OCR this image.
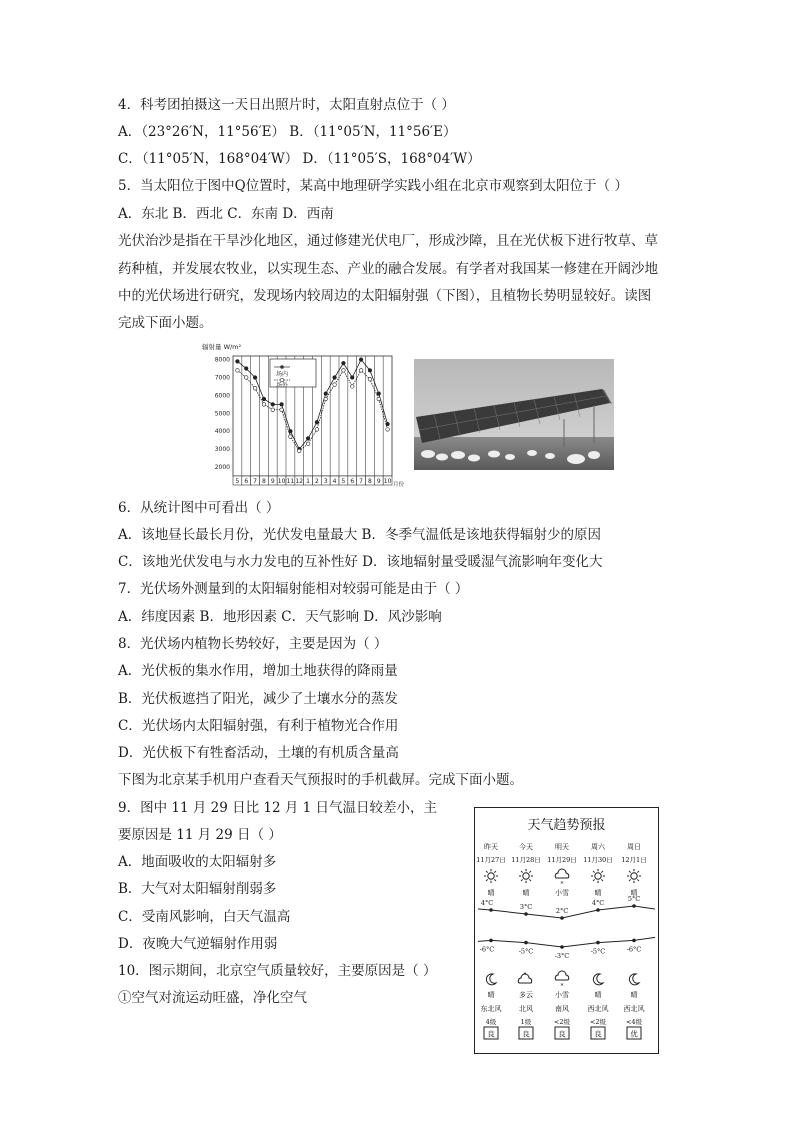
4．科考团拍摄这一天日出照片时，太阳直射点位于（ ）
A．（23°26′N，11°56′E） B．（11°05′N，11°56′E）
C．（11°05′N，168°04′W） D．（11°05′S，168°04′W）
5．当太阳位于图中Q位置时，某高中地理研学实践小组在北京市观察到太阳位于（ ）
A．东北 B．西北 C．东南 D．西南
光伏治沙是指在干旱沙化地区，通过修建光伏电厂，形成沙障，且在光伏板下进行牧草、草
药种植，并发展农牧业，以实现生态、产业的融合发展。有学者对我国某一修建在开阔沙地
中的光伏场进行研究，发现场内较周边的太阳辐射强（下图），且植物长势明显较好。读图
完成下面小题。
辐射量 W/m²
8000
7000
6000
5000
4000
3000
2000
5 6 7 8 9 10 11 12 1 2 3 4 5 6 7 8 9 10
场内
场外
月份
6．从统计图中可看出（ ）
A．该地昼长最长月份，光伏发电量最大 B．冬季气温低是该地获得辐射少的原因
C．该地光伏发电与水力发电的互补性好 D．该地辐射量受暖湿气流影响年变化大
7．光伏场外测量到的太阳辐射能相对较弱可能是由于（ ）
A．纬度因素 B．地形因素 C．天气影响 D．风沙影响
8．光伏场内植物长势较好，主要是因为（ ）
A．光伏板的集水作用，增加土地获得的降雨量
B．光伏板遮挡了阳光，减少了土壤水分的蒸发
C．光伏场内太阳辐射强，有利于植物光合作用
D．光伏板下有牲畜活动，土壤的有机质含量高
下图为北京某手机用户查看天气预报时的手机截屏。完成下面小题。
9．图中 11 月 29 日比 12 月 1 日气温日较差小，主
要原因是 11 月 29 日（ ）
A．地面吸收的太阳辐射多
B．大气对太阳辐射削弱多
C．受南风影响，白天气温高
D．夜晚大气逆辐射作用弱
10．图示期间，北京空气质量较好，主要原因是（ ）
①空气对流运动旺盛，净化空气
天气趋势预报
昨天
11月27日
晴
4°C
-6°C
晴
东北风
4级
良
今天
11月28日
晴
3°C
-5°C
多云
北风
1级
良
明天
11月29日
*
小雪
2°C
-3°C
*
小雪
南风
<2级
良
周六
11月30日
晴
4°C
-5°C
晴
西北风
<2级
良
周日
12月1日
晴
5°C
-6°C
晴
西北风
<4级
优
